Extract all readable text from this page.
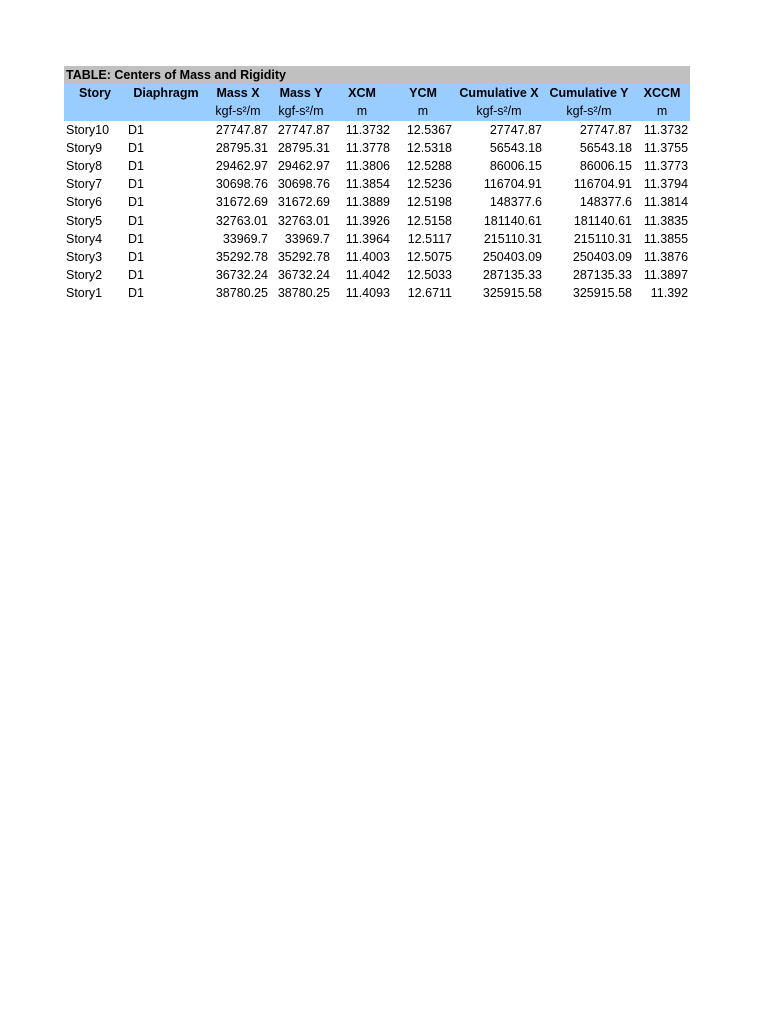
TABLE: Centers of Mass and Rigidity								
Story	Diaphragm	Mass X	Mass Y	XCM	YCM	Cumulative X	Cumulative Y	XCCM
		kgf-s²/m	kgf-s²/m	m	m	kgf-s²/m	kgf-s²/m	m
Story10	D1	27747.87	27747.87	11.3732	12.5367	27747.87	27747.87	11.3732
Story9	D1	28795.31	28795.31	11.3778	12.5318	56543.18	56543.18	11.3755
Story8	D1	29462.97	29462.97	11.3806	12.5288	86006.15	86006.15	11.3773
Story7	D1	30698.76	30698.76	11.3854	12.5236	116704.91	116704.91	11.3794
Story6	D1	31672.69	31672.69	11.3889	12.5198	148377.6	148377.6	11.3814
Story5	D1	32763.01	32763.01	11.3926	12.5158	181140.61	181140.61	11.3835
Story4	D1	33969.7	33969.7	11.3964	12.5117	215110.31	215110.31	11.3855
Story3	D1	35292.78	35292.78	11.4003	12.5075	250403.09	250403.09	11.3876
Story2	D1	36732.24	36732.24	11.4042	12.5033	287135.33	287135.33	11.3897
Story1	D1	38780.25	38780.25	11.4093	12.6711	325915.58	325915.58	11.392
